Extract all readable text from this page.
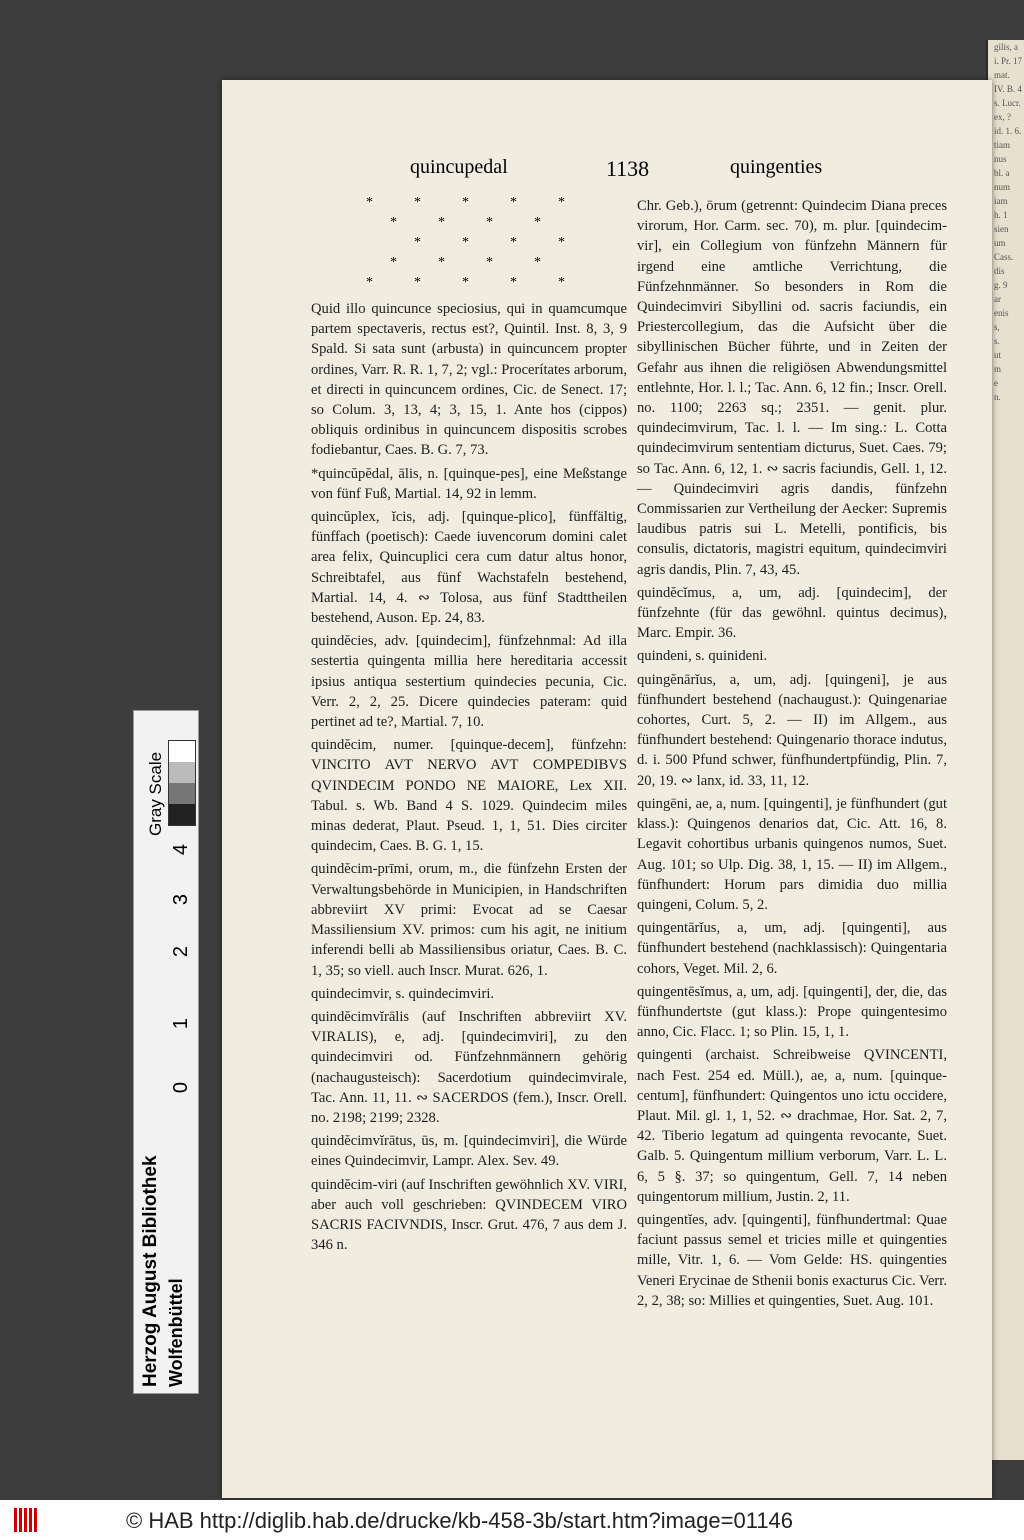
gilis, a
i. Pr. 17
mat.
IV. B. 4
s. Lucr.
ex, ?
id. 1. 6.
tiam
nus
bl. a
num
iam
h. 1
sien
um
Cass.
dis
g. 9
ar
enis
s,
s.
ut
m
e
n.
quincupedal	1138	quingenties
*	*	*	*	*
*	*	*	*
*	*	*	*
*	*	*	*
*	*	*	*	*

Quid illo quincunce speciosius, qui in quamcumque partem spectaveris, rectus est?, Quintil. Inst. 8, 3, 9 Spald. Si sata sunt (arbusta) in quincuncem propter ordines, Varr. R. R. 1, 7, 2; vgl.: Procerítates arborum, et directi in quincuncem ordines, Cic. de Senect. 17; so Colum. 3, 13, 4; 3, 15, 1. Ante hos (cippos) obliquis ordinibus in quincuncem dispositis scrobes fodiebantur, Caes. B. G. 7, 73.

*quincŭpĕdal, ālis, n. [quinque-pes], eine Meßstange von fünf Fuß, Martial. 14, 92 in lemm.

quincŭplex, ĭcis, adj. [quinque-plico], fünffältig, fünffach (poetisch): Caede iuvencorum domini calet area felix, Quincuplici cera cum datur altus honor, Schreibtafel, aus fünf Wachstafeln bestehend, Martial. 14, 4. ∾ Tolosa, aus fünf Stadttheilen bestehend, Auson. Ep. 24, 83.

quindĕcies, adv. [quindecim], fünfzehnmal: Ad illa sestertia quingenta millia here hereditaria accessit ipsius antiqua sestertium quindecies pecunia, Cic. Verr. 2, 2, 25. Dicere quindecies pateram: quid pertinet ad te?, Martial. 7, 10.

quindĕcim, numer. [quinque-decem], fünfzehn: VINCITO AVT NERVO AVT COMPEDIBVS QVINDECIM PONDO NE MAIORE, Lex XII. Tabul. s. Wb. Band 4 S. 1029. Quindecim miles minas dederat, Plaut. Pseud. 1, 1, 51. Dies circiter quindecim, Caes. B. G. 1, 15.

quindĕcim-prīmi, orum, m., die fünfzehn Ersten der Verwaltungsbehörde in Municipien, in Handschriften abbreviirt XV primi: Evocat ad se Caesar Massiliensium XV. primos: cum his agit, ne initium inferendi belli ab Massiliensibus oriatur, Caes. B. C. 1, 35; so viell. auch Inscr. Murat. 626, 1.

quindecimvir, s. quindecimviri.

quindĕcimvĭrālis (auf Inschriften abbreviirt XV. VIRALIS), e, adj. [quindecimviri], zu den quindecimviri od. Fünfzehnmännern gehörig (nachaugusteisch): Sacerdotium quindecimvirale, Tac. Ann. 11, 11. ∾ SACERDOS (fem.), Inscr. Orell. no. 2198; 2199; 2328.

quindĕcimvĭrātus, ūs, m. [quindecimviri], die Würde eines Quindecimvir, Lampr. Alex. Sev. 49.

quindĕcim-viri (auf Inschriften gewöhnlich XV. VIRI, aber auch voll geschrieben: QVINDECEM VIRO SACRIS FACIVNDIS, Inscr. Grut. 476, 7 aus dem J. 346 n.

Chr. Geb.), ōrum (getrennt: Quindecim Diana preces virorum, Hor. Carm. sec. 70), m. plur. [quindecim-vir], ein Collegium von fünfzehn Männern für irgend eine amtliche Verrichtung, die Fünfzehnmänner. So besonders in Rom die Quindecimviri Sibyllini od. sacris faciundis, ein Priestercollegium, das die Aufsicht über die sibyllinischen Bücher führte, und in Zeiten der Gefahr aus ihnen die religiösen Abwendungsmittel entlehnte, Hor. l. l.; Tac. Ann. 6, 12 fin.; Inscr. Orell. no. 1100; 2263 sq.; 2351. — genit. plur. quindecimvirum, Tac. l. l. — Im sing.: L. Cotta quindecimvirum sententiam dicturus, Suet. Caes. 79; so Tac. Ann. 6, 12, 1. ∾ sacris faciundis, Gell. 1, 12. — Quindecimviri agris dandis, fünfzehn Commissarien zur Vertheilung der Aecker: Supremis laudibus patris sui L. Metelli, pontificis, bis consulis, dictatoris, magistri equitum, quindecimviri agris dandis, Plin. 7, 43, 45.

quindĕcĭmus, a, um, adj. [quindecim], der fünfzehnte (für das gewöhnl. quintus decimus), Marc. Empir. 36.

quindeni, s. quinideni.

quingĕnārĭus, a, um, adj. [quingeni], je aus fünfhundert bestehend (nachaugust.): Quingenariae cohortes, Curt. 5, 2. — II) im Allgem., aus fünfhundert bestehend: Quingenario thorace indutus, d. i. 500 Pfund schwer, fünfhundertpfündig, Plin. 7, 20, 19. ∾ lanx, id. 33, 11, 12.

quingēni, ae, a, num. [quingenti], je fünfhundert (gut klass.): Quingenos denarios dat, Cic. Att. 16, 8. Legavit cohortibus urbanis quingenos numos, Suet. Aug. 101; so Ulp. Dig. 38, 1, 15. — II) im Allgem., fünfhundert: Horum pars dimidia duo millia quingeni, Colum. 5, 2.

quingentārĭus, a, um, adj. [quingenti], aus fünfhundert bestehend (nachklassisch): Quingentaria cohors, Veget. Mil. 2, 6.

quingentēsĭmus, a, um, adj. [quingenti], der, die, das fünfhundertste (gut klass.): Prope quingentesimo anno, Cic. Flacc. 1; so Plin. 15, 1, 1.

quingenti (archaist. Schreibweise QVINCENTI, nach Fest. 254 ed. Müll.), ae, a, num. [quinque-centum], fünfhundert: Quingentos uno ictu occidere, Plaut. Mil. gl. 1, 1, 52. ∾ drachmae, Hor. Sat. 2, 7, 42. Tiberio legatum ad quingenta revocante, Suet. Galb. 5. Quingentum millium verborum, Varr. L. L. 6, 5 §. 37; so quingentum, Gell. 7, 14 neben quingentorum millium, Justin. 2, 11.

quingentĭes, adv. [quingenti], fünfhundertmal: Quae faciunt passus semel et tricies mille et quingenties mille, Vitr. 1, 6. — Vom Gelde: HS. quingenties Veneri Erycinae de Sthenii bonis exacturus Cic. Verr. 2, 2, 38; so: Millies et quingenties, Suet. Aug. 101.

Herzog August Bibliothek Wolfenbüttel
Gray Scale
4
3
2
1
0
© HAB http://diglib.hab.de/drucke/kb-458-3b/start.htm?image=01146
